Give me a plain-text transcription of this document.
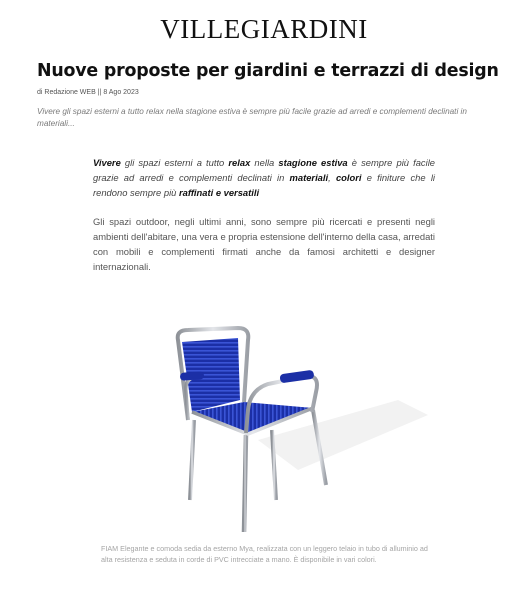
VILLEGIARDINI
Nuove proposte per giardini e terrazzi di design
di Redazione WEB || 8 Ago 2023

Vivere gli spazi esterni a tutto relax nella stagione estiva è sempre più facile grazie ad arredi e complementi declinati in materiali...

Vivere gli spazi esterni a tutto relax nella stagione estiva è sempre più facile grazie ad arredi e complementi declinati in materiali, colori e finiture che li rendono sempre più raffinati e versatili

Gli spazi outdoor, negli ultimi anni, sono sempre più ricercati e presenti negli ambienti dell'abitare, una vera e propria estensione dell'interno della casa, arredati con mobili e complementi firmati anche da famosi architetti e designer internazionali.

FIAM Elegante e comoda sedia da esterno Mya, realizzata con un leggero telaio in tubo di alluminio ad alta resistenza e seduta in corde di PVC intrecciate a mano. È disponibile in vari colori.
